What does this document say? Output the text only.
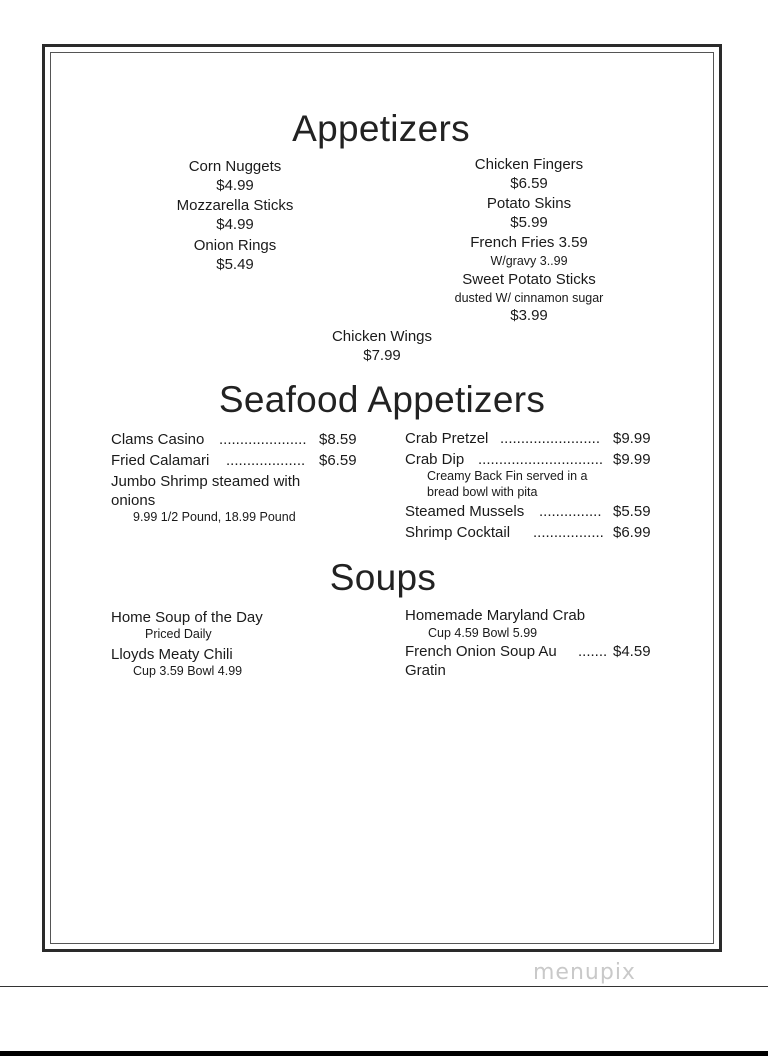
Appetizers
Corn Nuggets
$4.99
Mozzarella Sticks
$4.99
Onion Rings
$5.49
Chicken Fingers
$6.59
Potato Skins
$5.99
French Fries 3.59
W/gravy 3..99
Sweet Potato Sticks
dusted W/ cinnamon sugar
$3.99
Chicken Wings
$7.99
Seafood Appetizers
Clams Casino ..................... $8.59
Fried Calamari ................... $6.59
Jumbo Shrimp steamed with
onions
9.99 1/2 Pound, 18.99 Pound
Crab Pretzel ........................ $9.99
Crab Dip .............................. $9.99
Creamy Back Fin served in a
bread bowl with pita
Steamed Mussels ............... $5.59
Shrimp Cocktail ................. $6.99
Soups
Home Soup of the Day
Priced Daily
Lloyds Meaty Chili
Cup 3.59 Bowl 4.99
Homemade Maryland Crab
Cup 4.59 Bowl 5.99
French Onion Soup Au ....... $4.59
Gratin
menupix
